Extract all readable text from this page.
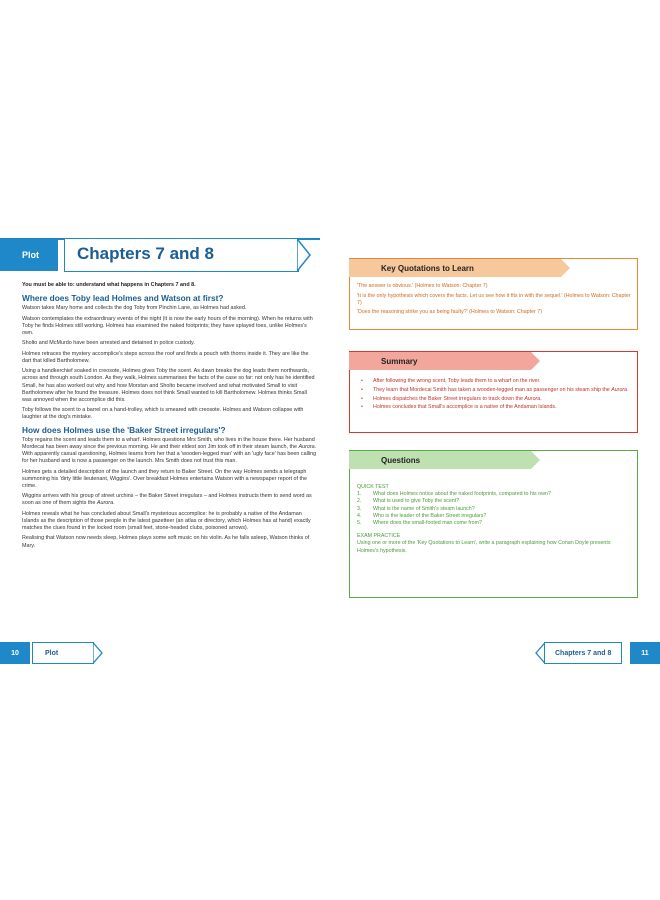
Plot Chapters 7 and 8

You must be able to: understand what happens in Chapters 7 and 8.

Where does Toby lead Holmes and Watson at first?

Watson takes Mary home and collects the dog Toby from Pinchin Lane, as Holmes had asked.

Watson contemplates the extraordinary events of the night (it is now the early hours of the morning). When he returns with Toby he finds Holmes still working. Holmes has examined the naked footprints; they have splayed toes, unlike Holmes's own.

Sholto and McMurdo have been arrested and detained in police custody.

Holmes retraces the mystery accomplice's steps across the roof and finds a pouch with thorns inside it. They are like the dart that killed Bartholomew.

Using a handkerchief soaked in creosote, Holmes gives Toby the scent. As dawn breaks the dog leads them northwards, across and through south London. As they walk, Holmes summarises the facts of the case so far: not only has he identified Small, he has also worked out why and how Morstan and Sholto became involved and what motivated Small to visit Bartholomew after he found the treasure. Holmes does not think Small wanted to kill Bartholomew. Holmes thinks Small was annoyed when the accomplice did this.

Toby follows the scent to a barrel on a hand-trolley, which is smeared with creosote. Holmes and Watson collapse with laughter at the dog's mistake.

How does Holmes use the 'Baker Street irregulars'?

Toby regains the scent and leads them to a wharf. Holmes questions Mrs Smith, who lives in the house there. Her husband Mordecai has been away since the previous morning. He and their eldest son Jim took off in their steam launch, the Aurora. With apparently casual questioning, Holmes learns from her that a 'wooden-legged man' with an 'ugly face' has been calling for her husband and is now a passenger on the launch. Mrs Smith does not trust this man.

Holmes gets a detailed description of the launch and they return to Baker Street. On the way Holmes sends a telegraph summoning his 'dirty little lieutenant, Wiggins'. Over breakfast Holmes entertains Watson with a newspaper report of the crime.

Wiggins arrives with his group of street urchins – the Baker Street irregulars – and Holmes instructs them to send word as soon as one of them sights the Aurora.

Holmes reveals what he has concluded about Small's mysterious accomplice: he is probably a native of the Andaman Islands as the description of those people in the latest gazetteer (an atlas or directory, which Holmes has at hand) exactly matches the clues found in the locked room (small feet, stone-headed clubs, poisoned arrows).

Realising that Watson now needs sleep, Holmes plays some soft music on his violin. As he falls asleep, Watson thinks of Mary.

Key Quotations to Learn

'The answer is obvious.' (Holmes to Watson: Chapter 7)

'It is the only hypothesis which covers the facts. Let us see how it fits in with the sequel.' (Holmes to Watson: Chapter 7)

'Does the reasoning strike you as being faulty?' (Holmes to Watson: Chapter 7)

Summary
• After following the wrong scent, Toby leads them to a wharf on the river.
• They learn that Mordecai Smith has taken a wooden-legged man as passenger on his steam ship the Aurora.
• Holmes dispatches the Baker Street irregulars to track down the Aurora.
• Holmes concludes that Small's accomplice is a native of the Andaman Islands.
Questions

QUICK TEST

1. What does Holmes notice about the naked footprints, compared to his own?
2. What is used to give Toby the scent?
3. What is the name of Smith's steam launch?
4. Who is the leader of the Baker Street irregulars?
5. Where does the small-footed man come from?

EXAM PRACTICE

Using one or more of the 'Key Quotations to Learn', write a paragraph explaining how Conan Doyle presents Holmes's hypothesis.

10	Plot	Chapters 7 and 8	11
